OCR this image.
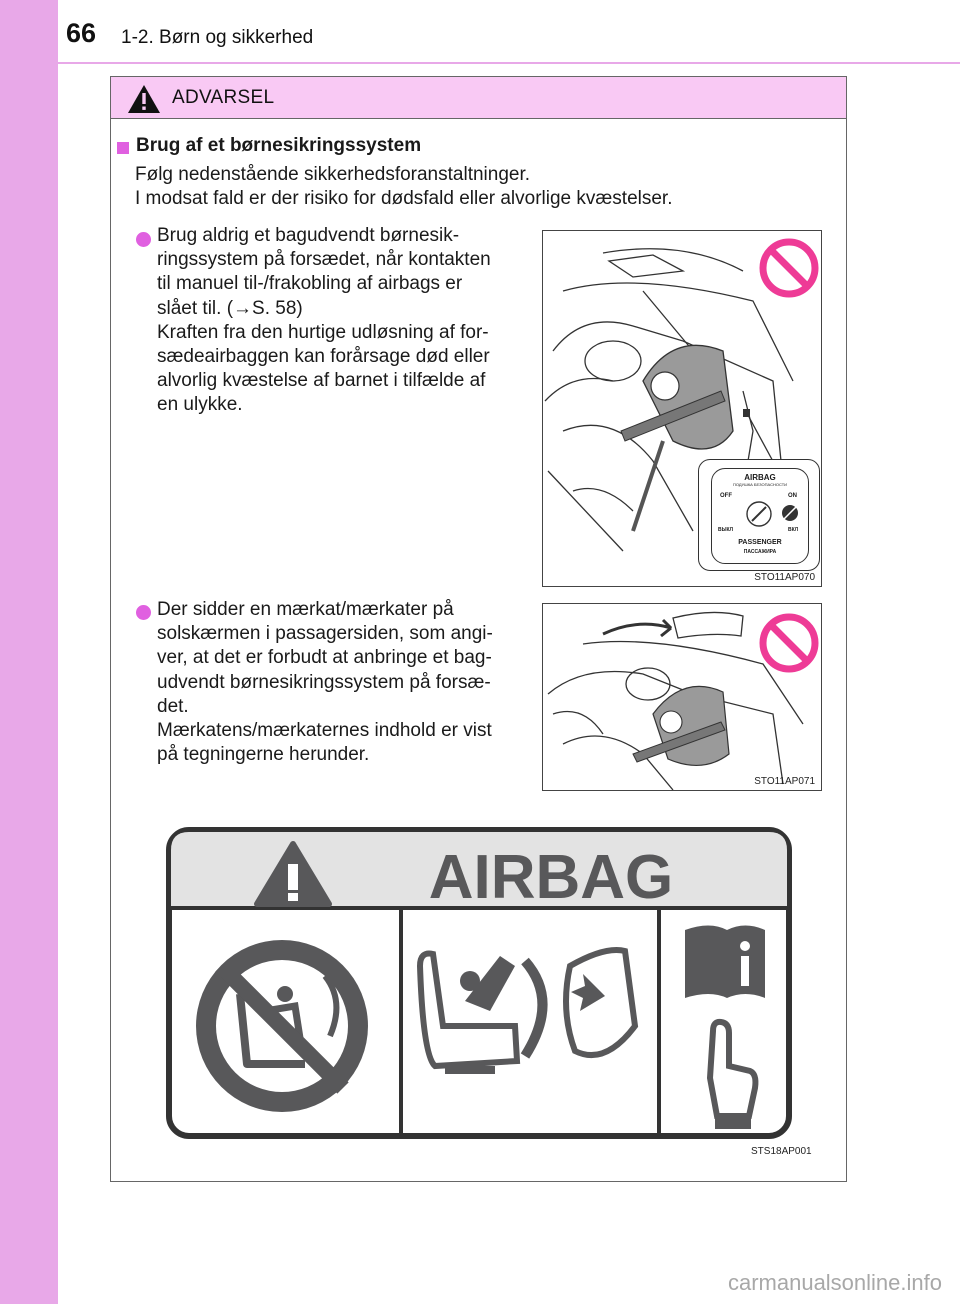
66 1-2. Børn og sikkerhed
ADVARSEL
Brug af et børnesikringssystem
Følg nedenstående sikkerhedsforanstaltninger.
I modsat fald er der risiko for dødsfald eller alvorlige kvæstelser.
Brug aldrig et bagudvendt børnesik-
ringssystem på forsædet, når kontakten
til manuel til-/frakobling af airbags er
slået til. (→S. 58)
Kraften fra den hurtige udløsning af for-
sædeairbaggen kan forårsage død eller
alvorlig kvæstelse af barnet i tilfælde af
en ulykke.
AIRBAG
ПОДУШКА БЕЗОПАСНОСТИ
OFF	ON
ВЫКЛ	ВКЛ
PASSENGER
ПАССАЖИРА
STO11AP070
Der sidder en mærkat/mærkater på
solskærmen i passagersiden, som angi-
ver, at det er forbudt at anbringe et bag-
udvendt børnesikringssystem på forsæ-
det.
Mærkatens/mærkaternes indhold er vist
på tegningerne herunder.
STO11AP071
AIRBAG
STS18AP001
carmanualsonline.info
